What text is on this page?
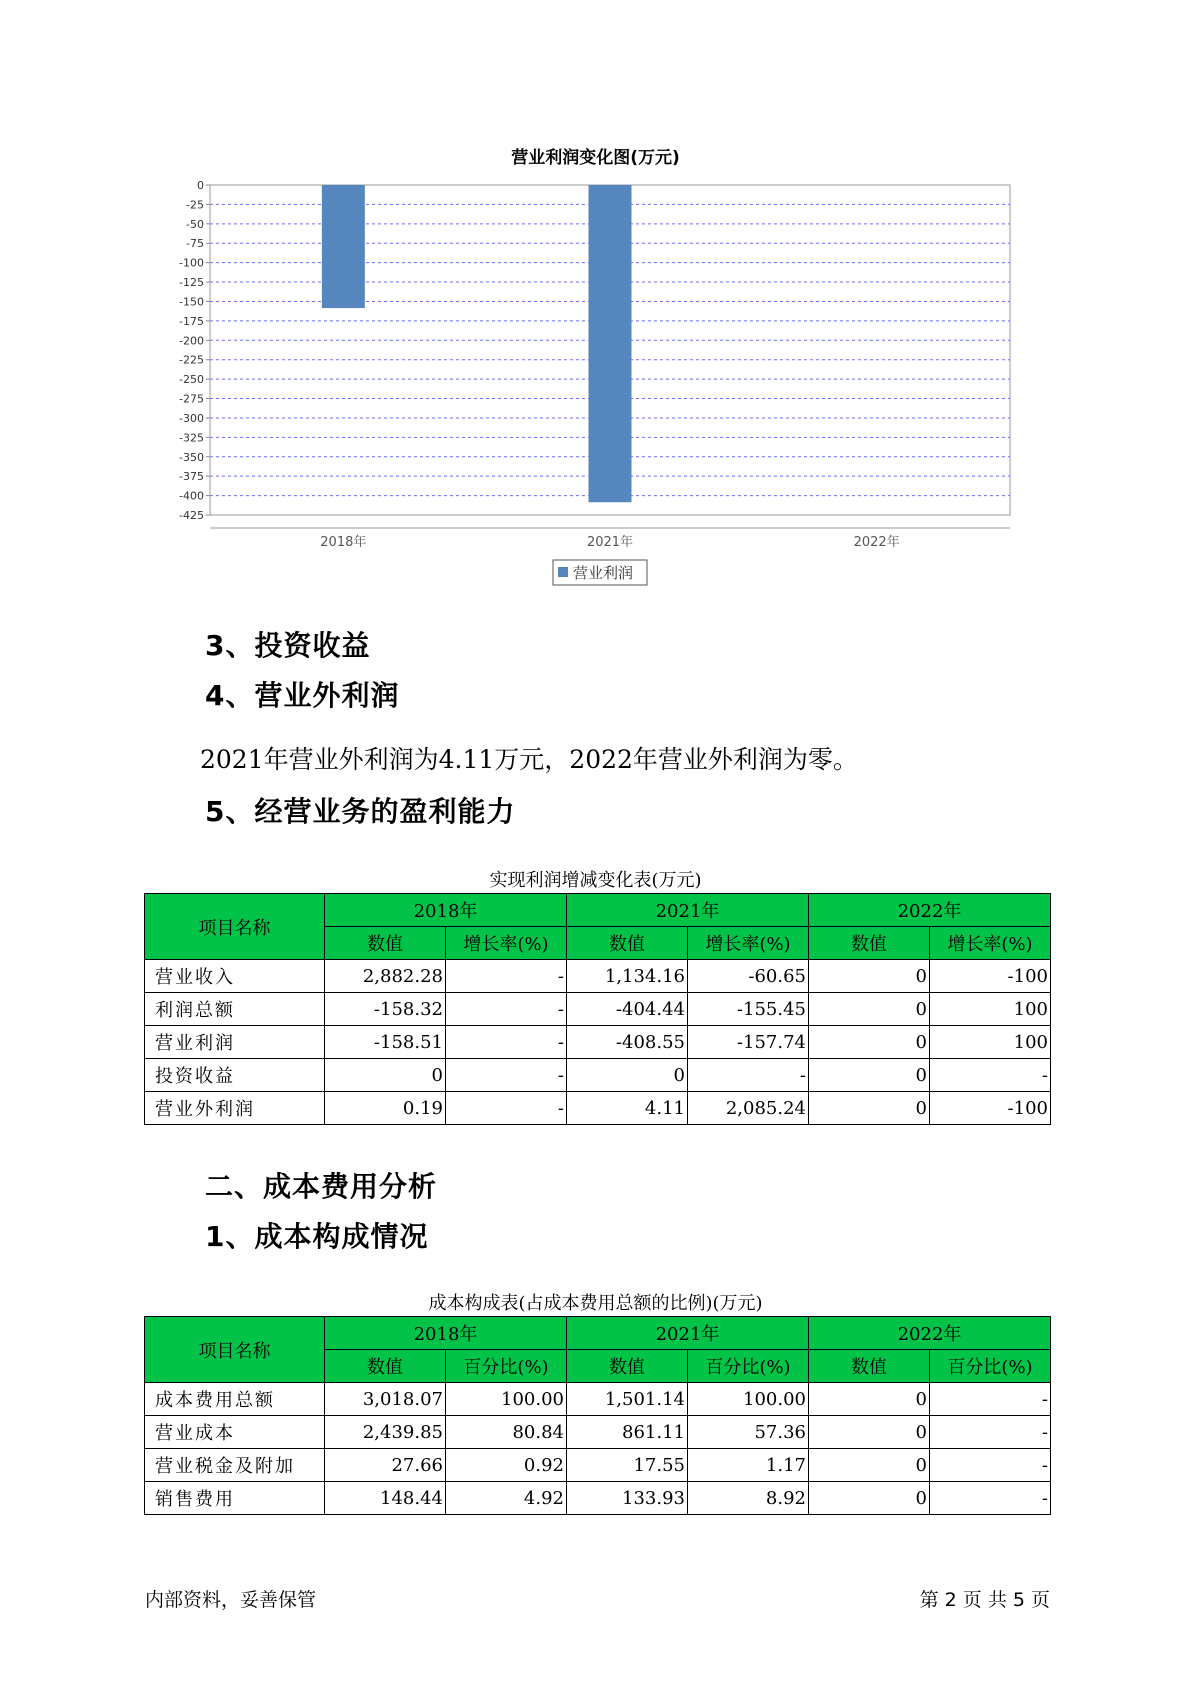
营业利润变化图(万元)
0
-25
-50
-75
-100
-125
-150
-175
-200
-225
-250
-275
-300
-325
-350
-375
-400
-425
2018年	2021年	2022年
营业利润
3、投资收益
4、营业外利润
2021年营业外利润为4.11万元，2022年营业外利润为零。
5、经营业务的盈利能力
实现利润增减变化表(万元)
项目名称	2018年		2021年		2022年	
	数值	增长率(%)	数值	增长率(%)	数值	增长率(%)
营业收入	2,882.28	-	1,134.16	-60.65	0	-100
利润总额	-158.32	-	-404.44	-155.45	0	100
营业利润	-158.51	-	-408.55	-157.74	0	100
投资收益	0	-	0	-	0	-
营业外利润	0.19	-	4.11	2,085.24	0	-100
二、成本费用分析
1、成本构成情况
成本构成表(占成本费用总额的比例)(万元)
项目名称	2018年		2021年		2022年	
	数值	百分比(%)	数值	百分比(%)	数值	百分比(%)
成本费用总额	3,018.07	100.00	1,501.14	100.00	0	-
营业成本	2,439.85	80.84	861.11	57.36	0	-
营业税金及附加	27.66	0.92	17.55	1.17	0	-
销售费用	148.44	4.92	133.93	8.92	0	-
内部资料，妥善保管	第 2 页 共 5 页
